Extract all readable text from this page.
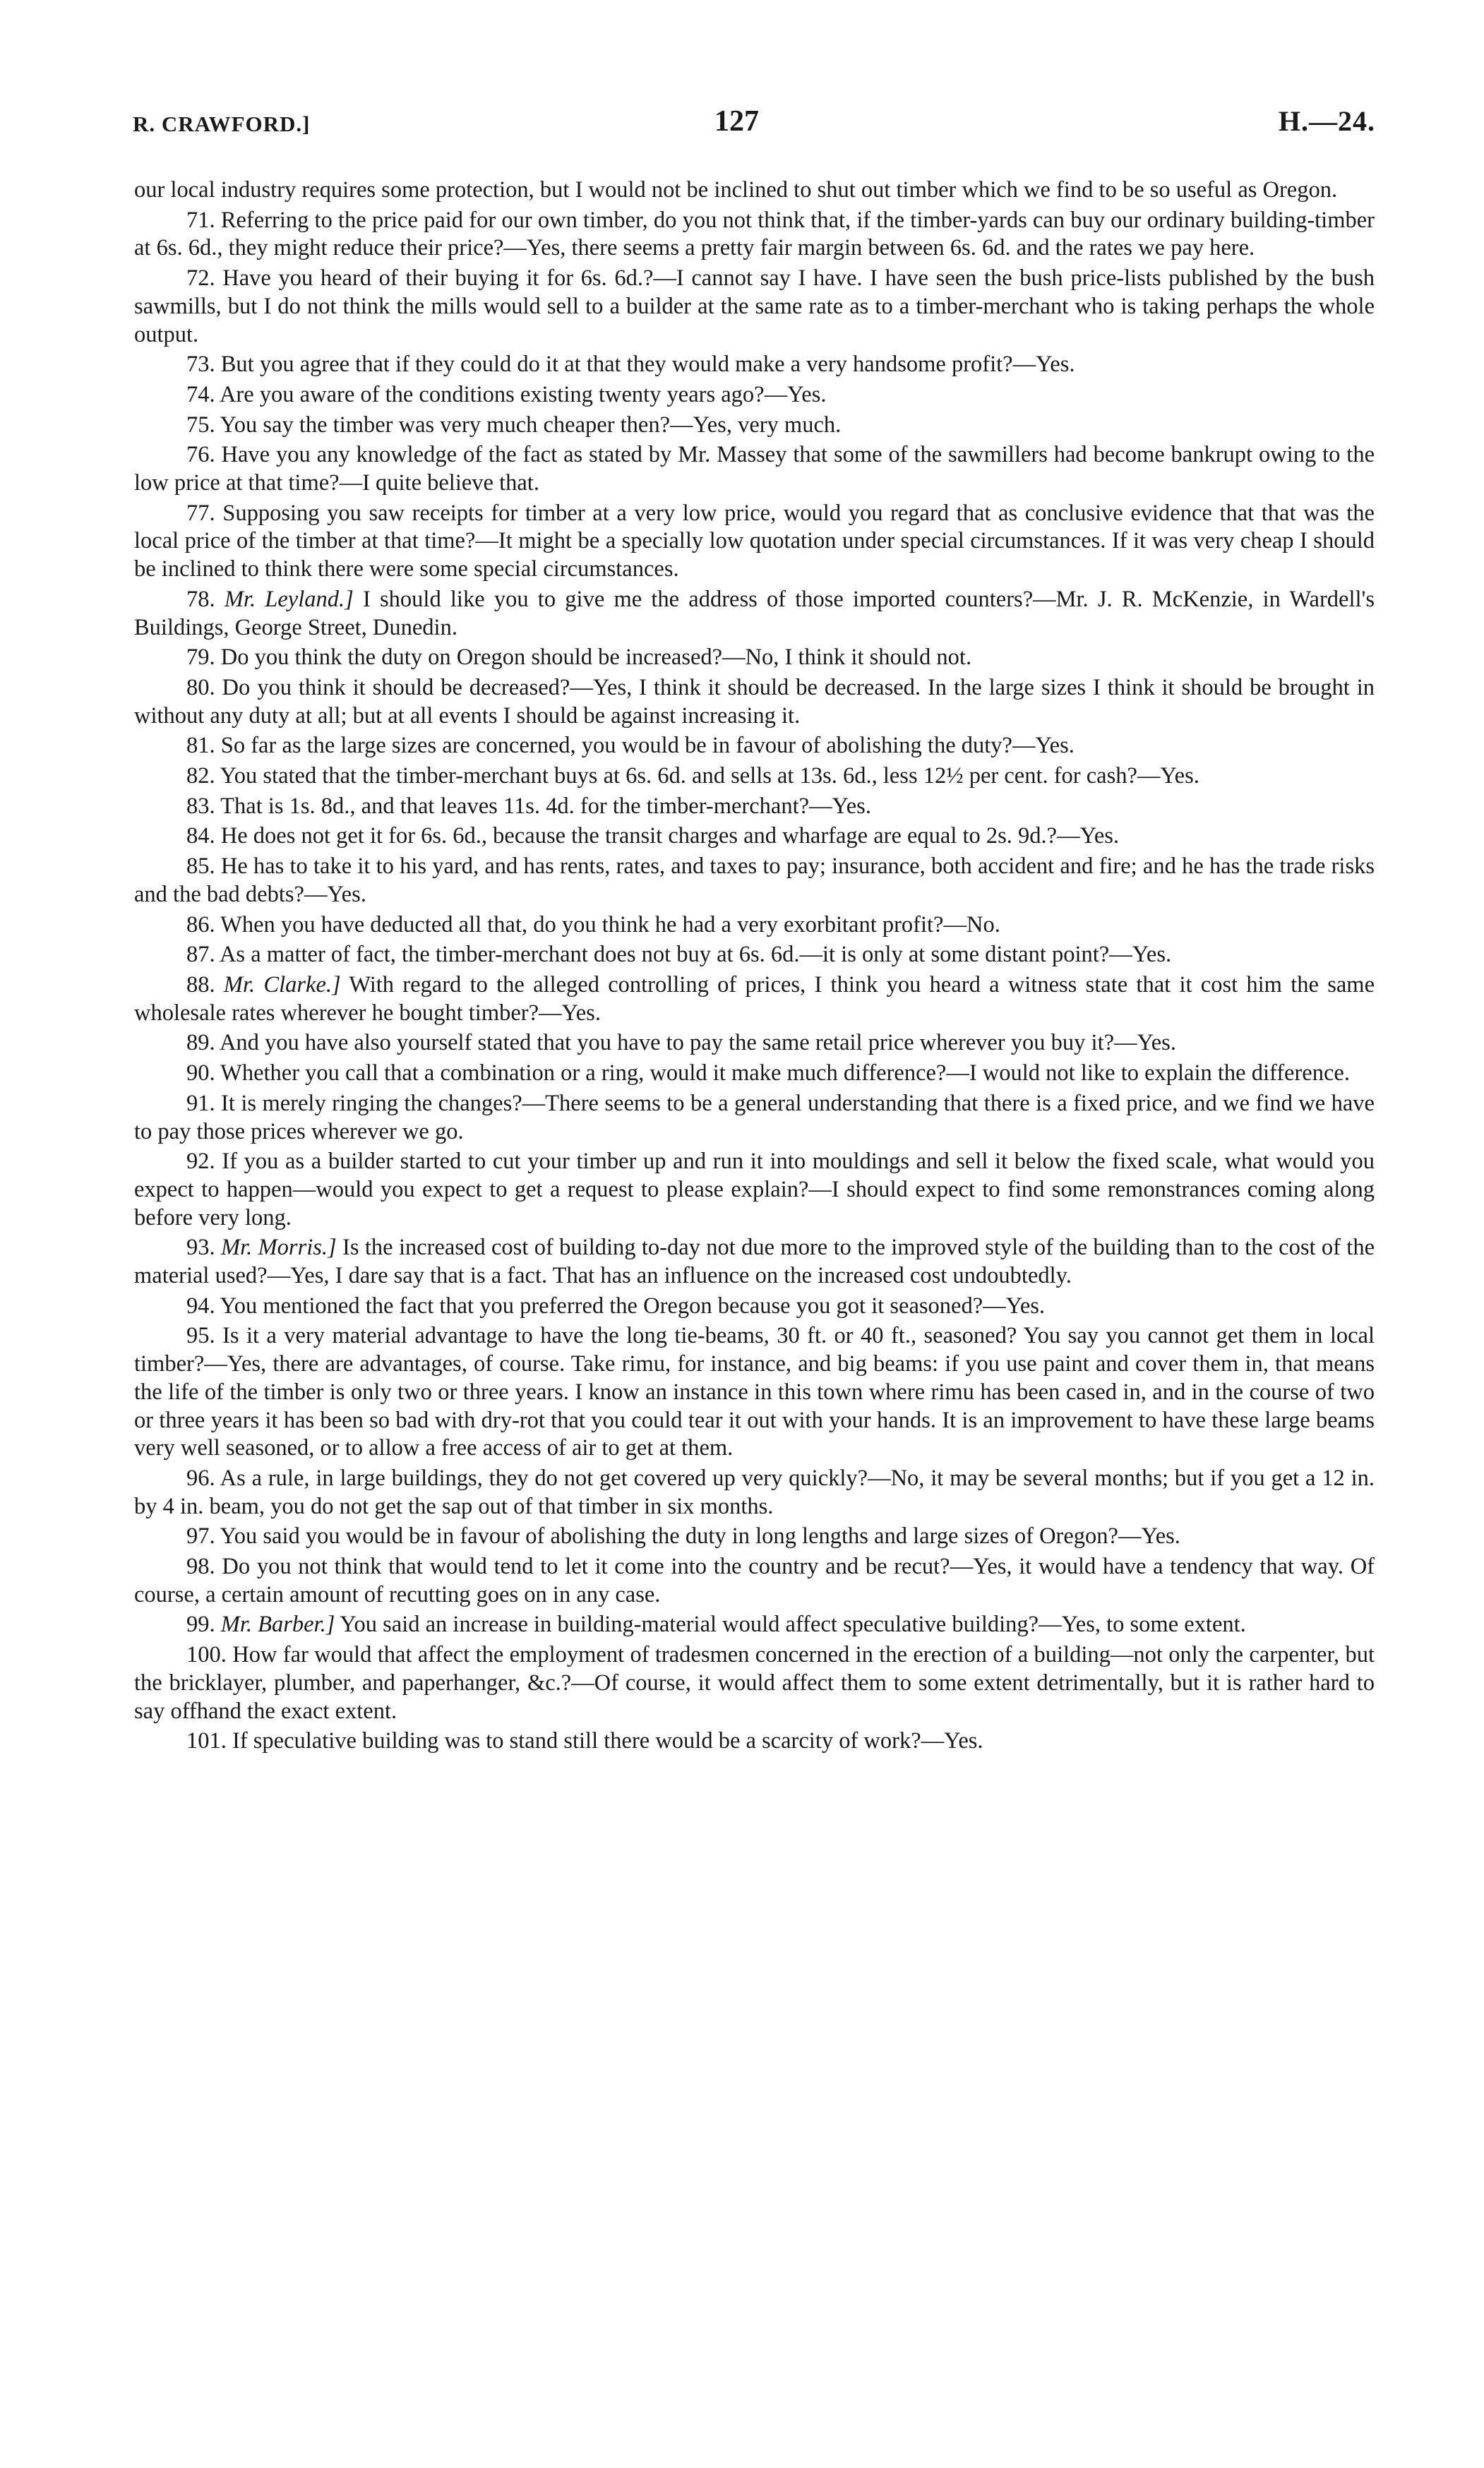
R. CRAWFORD.]	127	H.—24.

our local industry requires some protection, but I would not be inclined to shut out timber which we find to be so useful as Oregon.

71. Referring to the price paid for our own timber, do you not think that, if the timber-yards can buy our ordinary building-timber at 6s. 6d., they might reduce their price?—Yes, there seems a pretty fair margin between 6s. 6d. and the rates we pay here.

72. Have you heard of their buying it for 6s. 6d.?—I cannot say I have. I have seen the bush price-lists published by the bush sawmills, but I do not think the mills would sell to a builder at the same rate as to a timber-merchant who is taking perhaps the whole output.

73. But you agree that if they could do it at that they would make a very handsome profit?—Yes.

74. Are you aware of the conditions existing twenty years ago?—Yes.

75. You say the timber was very much cheaper then?—Yes, very much.

76. Have you any knowledge of the fact as stated by Mr. Massey that some of the sawmillers had become bankrupt owing to the low price at that time?—I quite believe that.

77. Supposing you saw receipts for timber at a very low price, would you regard that as conclusive evidence that that was the local price of the timber at that time?—It might be a specially low quotation under special circumstances. If it was very cheap I should be inclined to think there were some special circumstances.

78. Mr. Leyland.] I should like you to give me the address of those imported counters?—Mr. J. R. McKenzie, in Wardell's Buildings, George Street, Dunedin.

79. Do you think the duty on Oregon should be increased?—No, I think it should not.

80. Do you think it should be decreased?—Yes, I think it should be decreased. In the large sizes I think it should be brought in without any duty at all; but at all events I should be against increasing it.

81. So far as the large sizes are concerned, you would be in favour of abolishing the duty?—Yes.

82. You stated that the timber-merchant buys at 6s. 6d. and sells at 13s. 6d., less 12½ per cent. for cash?—Yes.

83. That is 1s. 8d., and that leaves 11s. 4d. for the timber-merchant?—Yes.

84. He does not get it for 6s. 6d., because the transit charges and wharfage are equal to 2s. 9d.?—Yes.

85. He has to take it to his yard, and has rents, rates, and taxes to pay; insurance, both accident and fire; and he has the trade risks and the bad debts?—Yes.

86. When you have deducted all that, do you think he had a very exorbitant profit?—No.

87. As a matter of fact, the timber-merchant does not buy at 6s. 6d.—it is only at some distant point?—Yes.

88. Mr. Clarke.] With regard to the alleged controlling of prices, I think you heard a witness state that it cost him the same wholesale rates wherever he bought timber?—Yes.

89. And you have also yourself stated that you have to pay the same retail price wherever you buy it?—Yes.

90. Whether you call that a combination or a ring, would it make much difference?—I would not like to explain the difference.

91. It is merely ringing the changes?—There seems to be a general understanding that there is a fixed price, and we find we have to pay those prices wherever we go.

92. If you as a builder started to cut your timber up and run it into mouldings and sell it below the fixed scale, what would you expect to happen—would you expect to get a request to please explain?—I should expect to find some remonstrances coming along before very long.

93. Mr. Morris.] Is the increased cost of building to-day not due more to the improved style of the building than to the cost of the material used?—Yes, I dare say that is a fact. That has an influence on the increased cost undoubtedly.

94. You mentioned the fact that you preferred the Oregon because you got it seasoned?—Yes.

95. Is it a very material advantage to have the long tie-beams, 30 ft. or 40 ft., seasoned? You say you cannot get them in local timber?—Yes, there are advantages, of course. Take rimu, for instance, and big beams: if you use paint and cover them in, that means the life of the timber is only two or three years. I know an instance in this town where rimu has been cased in, and in the course of two or three years it has been so bad with dry-rot that you could tear it out with your hands. It is an improvement to have these large beams very well seasoned, or to allow a free access of air to get at them.

96. As a rule, in large buildings, they do not get covered up very quickly?—No, it may be several months; but if you get a 12 in. by 4 in. beam, you do not get the sap out of that timber in six months.

97. You said you would be in favour of abolishing the duty in long lengths and large sizes of Oregon?—Yes.

98. Do you not think that would tend to let it come into the country and be recut?—Yes, it would have a tendency that way. Of course, a certain amount of recutting goes on in any case.

99. Mr. Barber.] You said an increase in building-material would affect speculative building?—Yes, to some extent.

100. How far would that affect the employment of tradesmen concerned in the erection of a building—not only the carpenter, but the bricklayer, plumber, and paperhanger, &c.?—Of course, it would affect them to some extent detrimentally, but it is rather hard to say offhand the exact extent.

101. If speculative building was to stand still there would be a scarcity of work?—Yes.
